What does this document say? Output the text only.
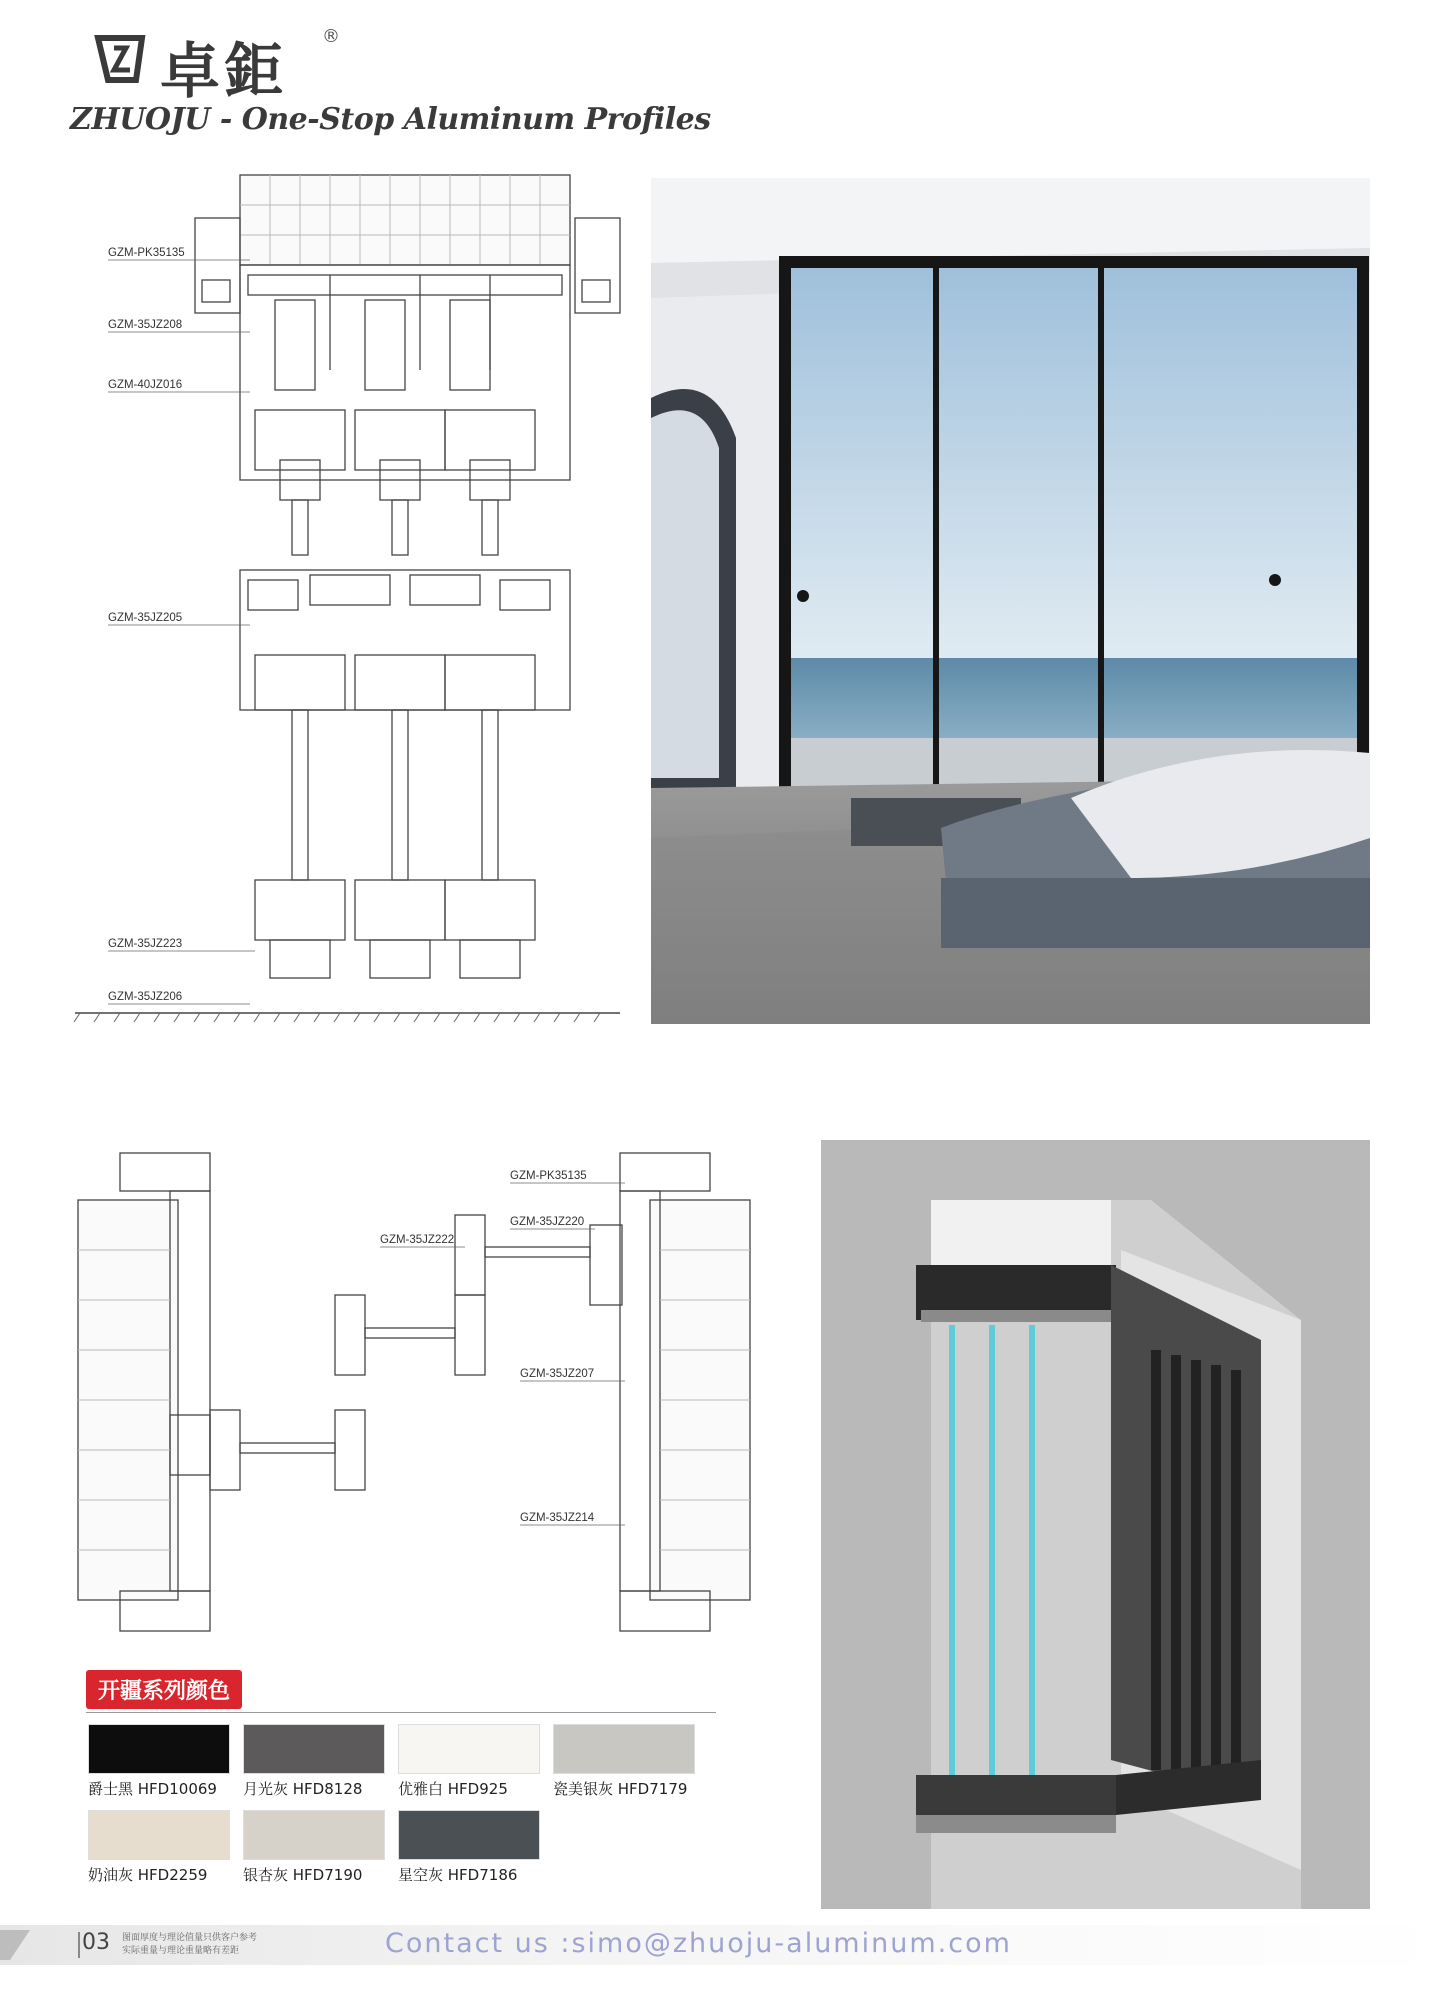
卓鉅
®
ZHUOJU - One-Stop Aluminum Profiles
GZM-PK35135
GZM-35JZ208
GZM-40JZ016
GZM-35JZ205
GZM-35JZ223
GZM-35JZ206
GZM-PK35135
GZM-35JZ220
GZM-35JZ222
GZM-35JZ207
GZM-35JZ214
开疆系列颜色
爵士黑 HFD10069 月光灰 HFD8128 优雅白 HFD925	瓷美银灰 HFD7179
奶油灰 HFD2259 银杏灰 HFD7190 星空灰 HFD7186
03 图面厚度与理论值量只供客户参考
实际重量与理论重量略有差距	Contact us :simo@zhuoju-aluminum.com
